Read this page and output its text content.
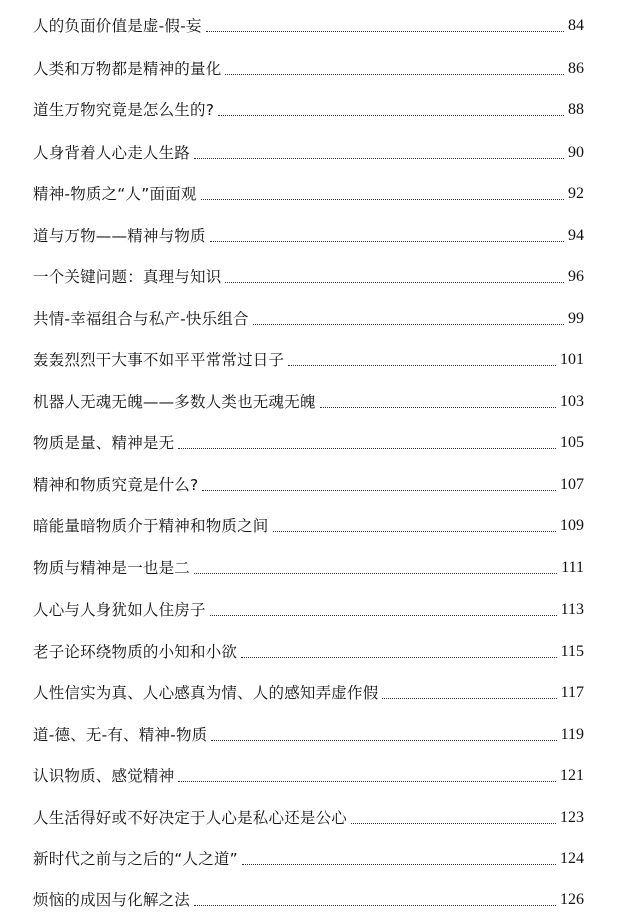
人的负面价值是虚-假-妄	84
人类和万物都是精神的量化	86
道生万物究竟是怎么生的?	88
人身背着人心走人生路	90
精神-物质之“人”面面观	92
道与万物——精神与物质	94
一个关键问题：真理与知识	96
共情-幸福组合与私产-快乐组合	99
轰轰烈烈干大事不如平平常常过日子	101
机器人无魂无魄——多数人类也无魂无魄	103
物质是量、精神是无	105
精神和物质究竟是什么?	107
暗能量暗物质介于精神和物质之间	109
物质与精神是一也是二	111
人心与人身犹如人住房子	113
老子论环绕物质的小知和小欲	115
人性信实为真、人心感真为情、人的感知弄虚作假	117
道-德、无-有、精神-物质	119
认识物质、感觉精神	121
人生活得好或不好决定于人心是私心还是公心	123
新时代之前与之后的“人之道”	124
烦恼的成因与化解之法	126
